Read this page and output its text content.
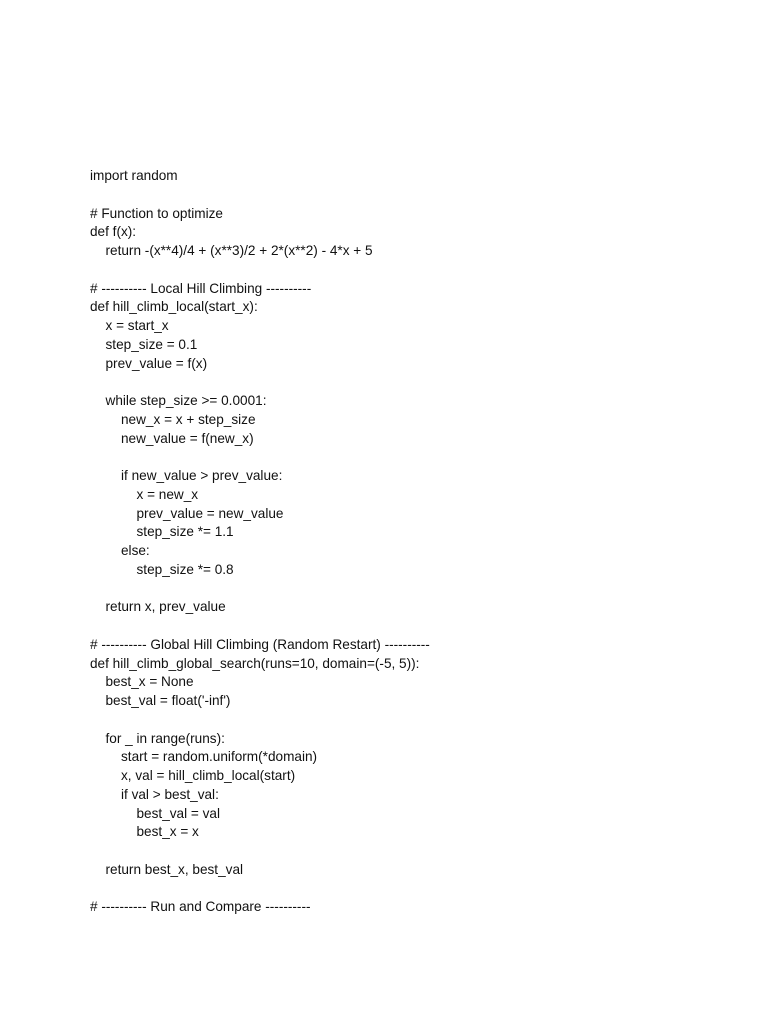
import random
# Function to optimize
def f(x):
return -(x**4)/4 + (x**3)/2 + 2*(x**2) - 4*x + 5
# ---------- Local Hill Climbing ----------
def hill_climb_local(start_x):
x = start_x
step_size = 0.1
prev_value = f(x)
while step_size >= 0.0001:
new_x = x + step_size
new_value = f(new_x)
if new_value > prev_value:
x = new_x
prev_value = new_value
step_size *= 1.1
else:
step_size *= 0.8
return x, prev_value
# ---------- Global Hill Climbing (Random Restart) ----------
def hill_climb_global_search(runs=10, domain=(-5, 5)):
best_x = None
best_val = float('-inf')
for _ in range(runs):
start = random.uniform(*domain)
x, val = hill_climb_local(start)
if val > best_val:
best_val = val
best_x = x
return best_x, best_val
# ---------- Run and Compare ----------
